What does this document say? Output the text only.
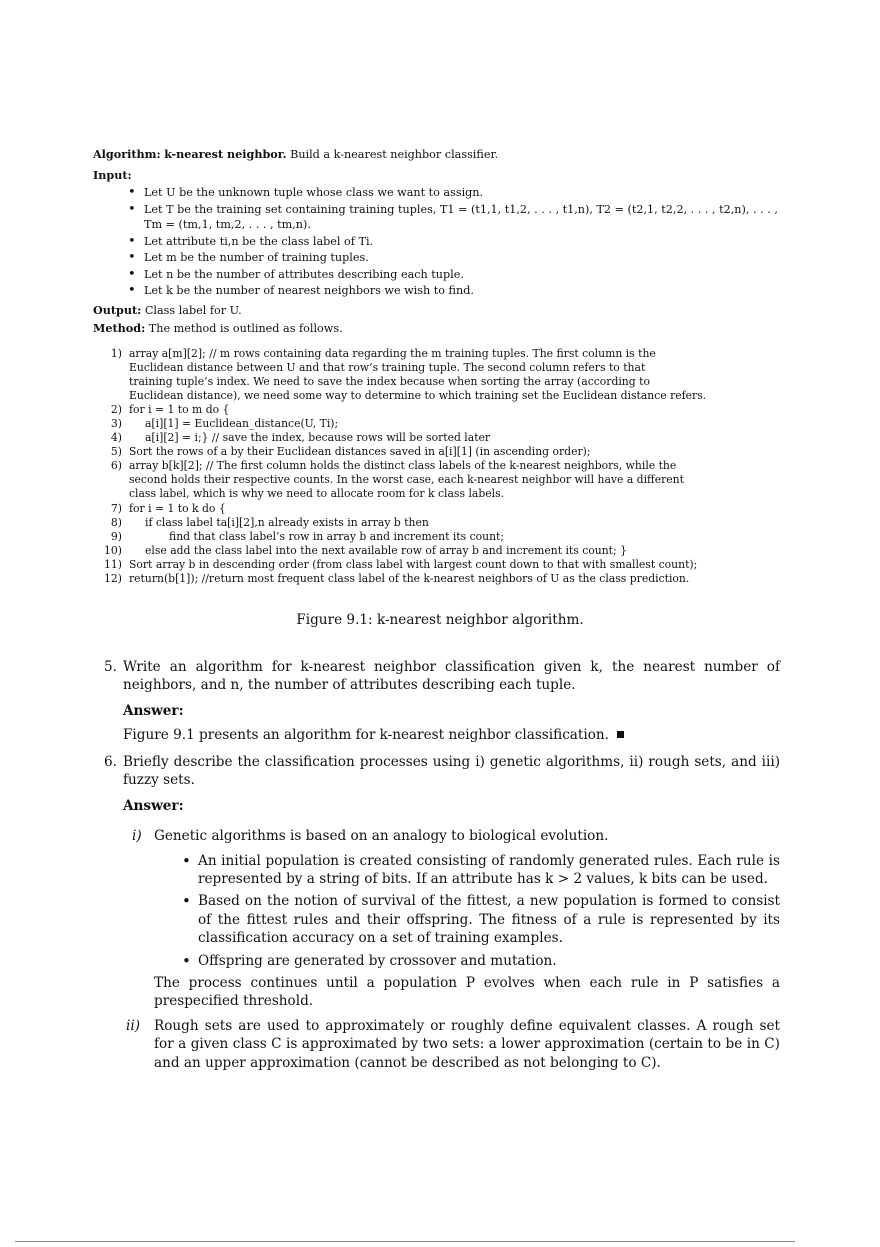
Algorithm: k-nearest neighbor. Build a k-nearest neighbor classifier.
Input:
• Let U be the unknown tuple whose class we want to assign.
• Let T be the training set containing training tuples, T1 = (t1,1, t1,2, . . . , t1,n), T2 = (t2,1, t2,2, . . . , t2,n), . . . , Tm = (tm,1, tm,2, . . . , tm,n).
• Let attribute ti,n be the class label of Ti.
• Let m be the number of training tuples.
• Let n be the number of attributes describing each tuple.
• Let k be the number of nearest neighbors we wish to find.
Output: Class label for U.
Method: The method is outlined as follows.
1) array a[m][2]; // m rows containing data regarding the m training tuples. The first column is the
Euclidean distance between U and that row’s training tuple. The second column refers to that
training tuple’s index. We need to save the index because when sorting the array (according to
Euclidean distance), we need some way to determine to which training set the Euclidean distance refers.
2) for i = 1 to m do {
3) a[i][1] = Euclidean_distance(U, Ti);
4) a[i][2] = i;} // save the index, because rows will be sorted later
5) Sort the rows of a by their Euclidean distances saved in a[i][1] (in ascending order);
6) array b[k][2]; // The first column holds the distinct class labels of the k-nearest neighbors, while the
second holds their respective counts. In the worst case, each k-nearest neighbor will have a different
class label, which is why we need to allocate room for k class labels.
7) for i = 1 to k do {
8) if class label ta[i][2],n already exists in array b then
9)	find that class label’s row in array b and increment its count;
10) else add the class label into the next available row of array b and increment its count; }
11) Sort array b in descending order (from class label with largest count down to that with smallest count);
12) return(b[1]); //return most frequent class label of the k-nearest neighbors of U as the class prediction.
Figure 9.1: k-nearest neighbor algorithm.
5. Write an algorithm for k-nearest neighbor classification given k, the nearest number of neighbors, and n, the number of attributes describing each tuple.
Answer:
Figure 9.1 presents an algorithm for k-nearest neighbor classification.
6. Briefly describe the classification processes using i) genetic algorithms, ii) rough sets, and iii) fuzzy sets.
Answer:
i) Genetic algorithms is based on an analogy to biological evolution.
• An initial population is created consisting of randomly generated rules. Each rule is represented by a string of bits. If an attribute has k > 2 values, k bits can be used.
• Based on the notion of survival of the fittest, a new population is formed to consist of the fittest rules and their offspring. The fitness of a rule is represented by its classification accuracy on a set of training examples.
• Offspring are generated by crossover and mutation.
The process continues until a population P evolves when each rule in P satisfies a prespecified threshold.
ii) Rough sets are used to approximately or roughly define equivalent classes. A rough set for a given class C is approximated by two sets: a lower approximation (certain to be in C) and an upper approximation (cannot be described as not belonging to C).
